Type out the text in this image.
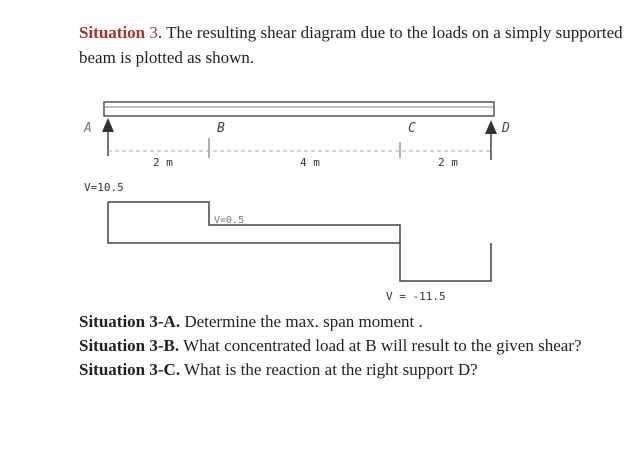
Situation 3. The resulting shear diagram due to the loads on a simply supported beam is plotted as shown.
A	B	C	D
2 m	4 m	2 m
V=10.5
V=0.5
V = -11.5

Situation 3-A. Determine the max. span moment .

Situation 3-B. What concentrated load at B will result to the given shear?

Situation 3-C. What is the reaction at the right support D?
